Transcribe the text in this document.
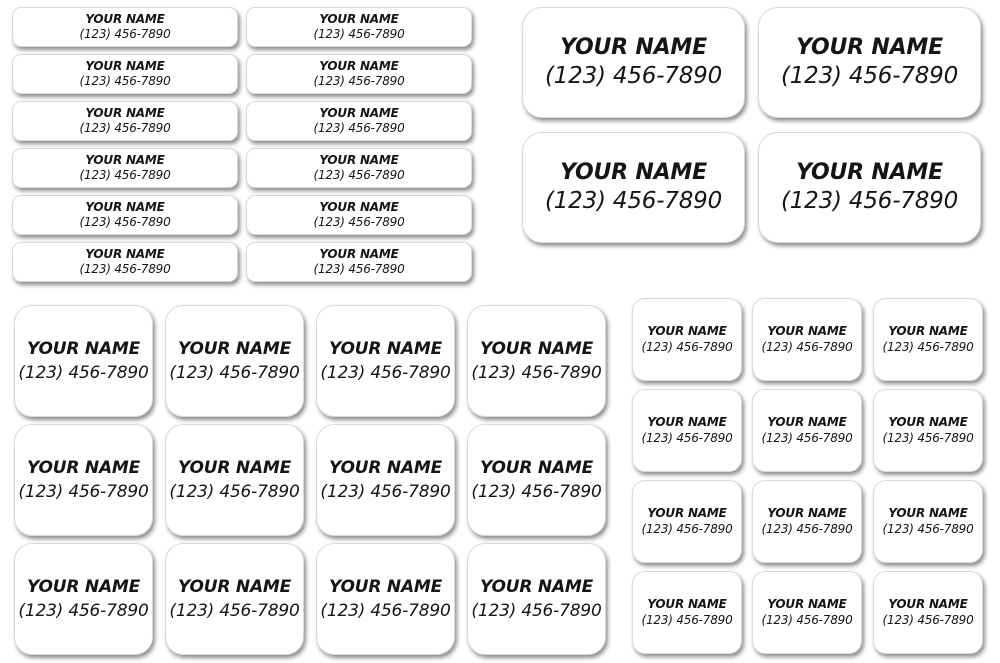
YOUR NAME
(123) 456-7890
YOUR NAME
(123) 456-7890
YOUR NAME
(123) 456-7890
YOUR NAME
(123) 456-7890
YOUR NAME
(123) 456-7890
YOUR NAME
(123) 456-7890
YOUR NAME
(123) 456-7890
YOUR NAME
(123) 456-7890
YOUR NAME
(123) 456-7890
YOUR NAME
(123) 456-7890
YOUR NAME
(123) 456-7890
YOUR NAME
(123) 456-7890
YOUR NAME
(123) 456-7890
YOUR NAME
(123) 456-7890
YOUR NAME
(123) 456-7890
YOUR NAME
(123) 456-7890
YOUR NAME
(123) 456-7890
YOUR NAME
(123) 456-7890
YOUR NAME
(123) 456-7890
YOUR NAME
(123) 456-7890
YOUR NAME
(123) 456-7890
YOUR NAME
(123) 456-7890
YOUR NAME
(123) 456-7890
YOUR NAME
(123) 456-7890
YOUR NAME
(123) 456-7890
YOUR NAME
(123) 456-7890
YOUR NAME
(123) 456-7890
YOUR NAME
(123) 456-7890
YOUR NAME
(123) 456-7890
YOUR NAME
(123) 456-7890
YOUR NAME
(123) 456-7890
YOUR NAME
(123) 456-7890
YOUR NAME
(123) 456-7890
YOUR NAME
(123) 456-7890
YOUR NAME
(123) 456-7890
YOUR NAME
(123) 456-7890
YOUR NAME
(123) 456-7890
YOUR NAME
(123) 456-7890
YOUR NAME
(123) 456-7890
YOUR NAME
(123) 456-7890
